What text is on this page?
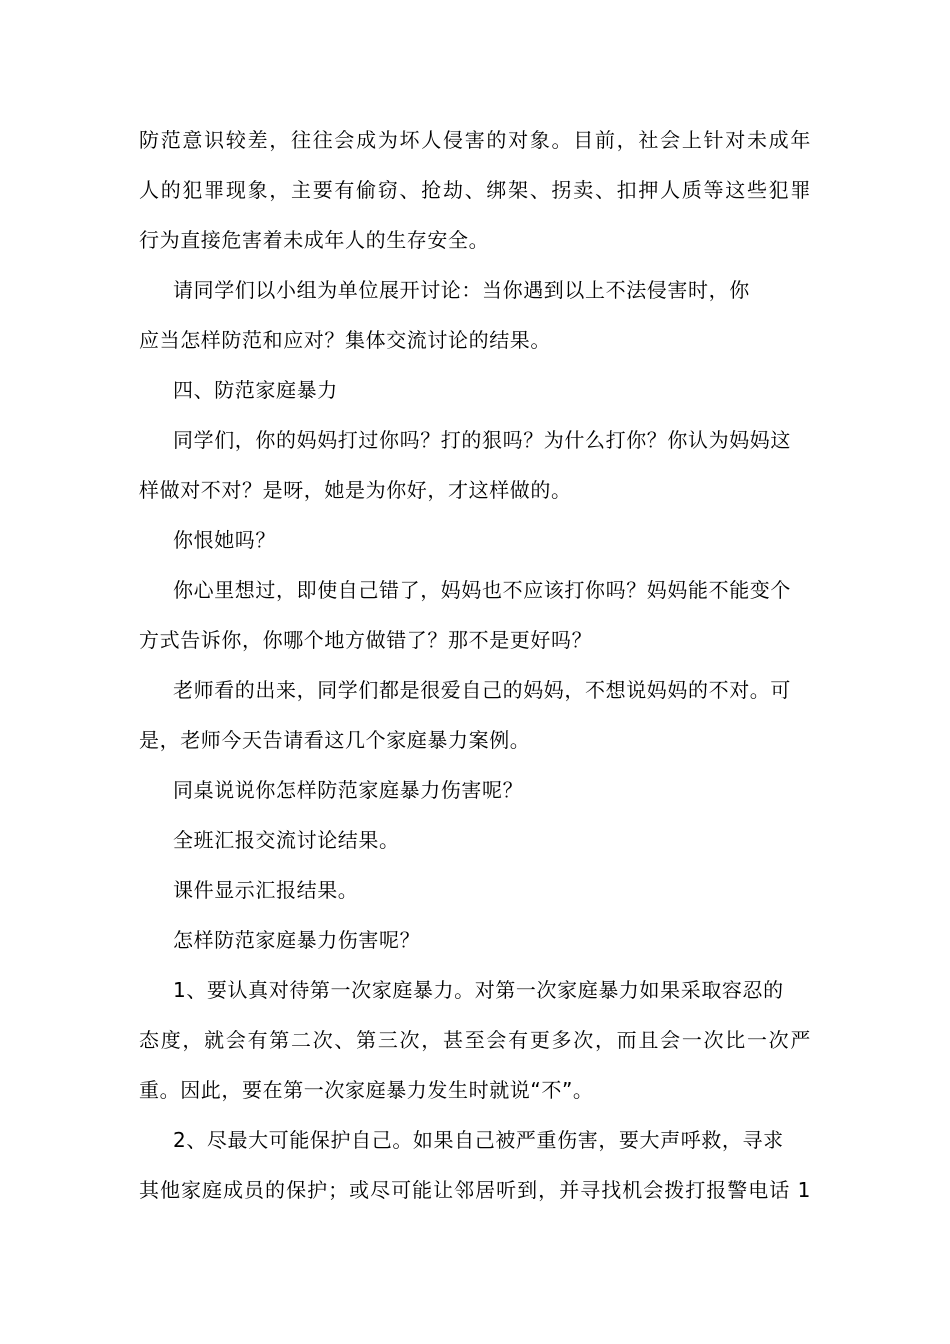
防范意识较差，往往会成为坏人侵害的对象。目前，社会上针对未成年
人的犯罪现象，主要有偷窃、抢劫、绑架、拐卖、扣押人质等这些犯罪
行为直接危害着未成年人的生存安全。
请同学们以小组为单位展开讨论：当你遇到以上不法侵害时，你
应当怎样防范和应对？集体交流讨论的结果。
四、防范家庭暴力
同学们，你的妈妈打过你吗？打的狠吗？为什么打你？你认为妈妈这
样做对不对？是呀，她是为你好，才这样做的。
你恨她吗？
你心里想过，即使自己错了，妈妈也不应该打你吗？妈妈能不能变个
方式告诉你，你哪个地方做错了？那不是更好吗？
老师看的出来，同学们都是很爱自己的妈妈，不想说妈妈的不对。可
是，老师今天告请看这几个家庭暴力案例。
同桌说说你怎样防范家庭暴力伤害呢？
全班汇报交流讨论结果。
课件显示汇报结果。
怎样防范家庭暴力伤害呢？
1、要认真对待第一次家庭暴力。对第一次家庭暴力如果采取容忍的
态度，就会有第二次、第三次，甚至会有更多次，而且会一次比一次严
重。因此，要在第一次家庭暴力发生时就说“不”。
2、尽最大可能保护自己。如果自己被严重伤害，要大声呼救，寻求
其他家庭成员的保护；或尽可能让邻居听到，并寻找机会拨打报警电话 1
